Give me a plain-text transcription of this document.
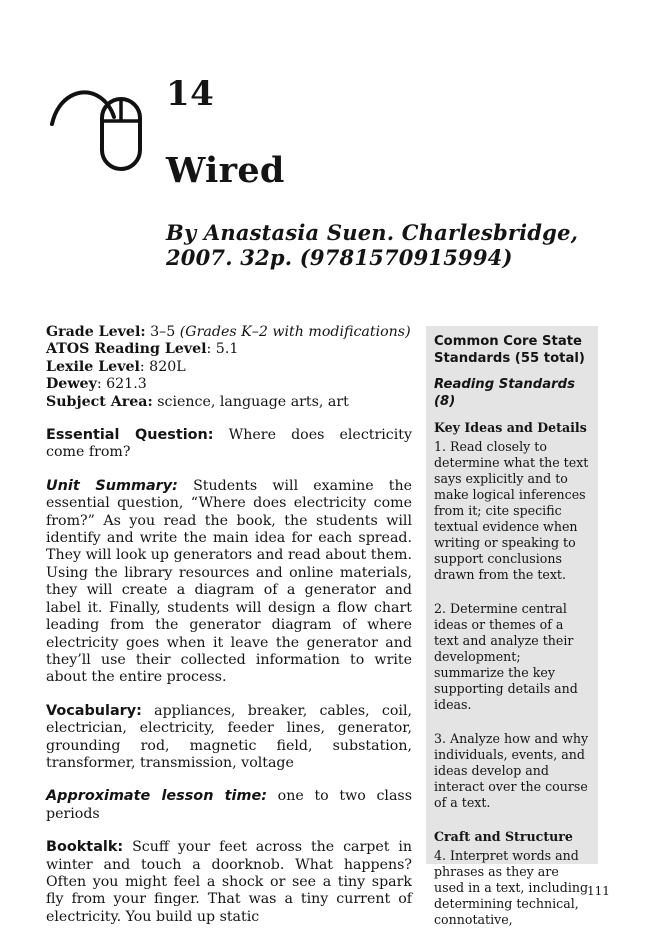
14
Wired
By Anastasia Suen. Charlesbridge, 2007. 32p. (9781570915994)

Grade Level: 3–5 (Grades K–2 with modifications)

ATOS Reading Level: 5.1

Lexile Level: 820L

Dewey: 621.3

Subject Area: science, language arts, art

Essential Question: Where does electricity come from?

Unit Summary: Students will examine the essential question, “Where does electricity come from?” As you read the book, the students will identify and write the main idea for each spread. They will look up generators and read about them. Using the library resources and online materials, they will create a diagram of a generator and label it. Finally, students will design a flow chart leading from the generator diagram of where electricity goes when it leave the generator and they’ll use their collected information to write about the entire process.

Vocabulary: appliances, breaker, cables, coil, electrician, electricity, feeder lines, generator, grounding rod, magnetic field, substation, transformer, transmission, voltage

Approximate lesson time: one to two class periods

Booktalk: Scuff your feet across the carpet in winter and touch a doorknob. What happens? Often you might feel a shock or see a tiny spark fly from your finger. That was a tiny current of electricity. You build up static

Common Core State Standards (55 total)

Reading Standards (8)

Key Ideas and Details

1. Read closely to determine what the text says explicitly and to make logical inferences from it; cite specific textual evidence when writing or speaking to support conclusions drawn from the text.

2. Determine central ideas or themes of a text and analyze their development; summarize the key supporting details and ideas.

3. Analyze how and why individuals, events, and ideas develop and interact over the course of a text.

Craft and Structure

4. Interpret words and phrases as they are used in a text, including determining technical, connotative,

111
